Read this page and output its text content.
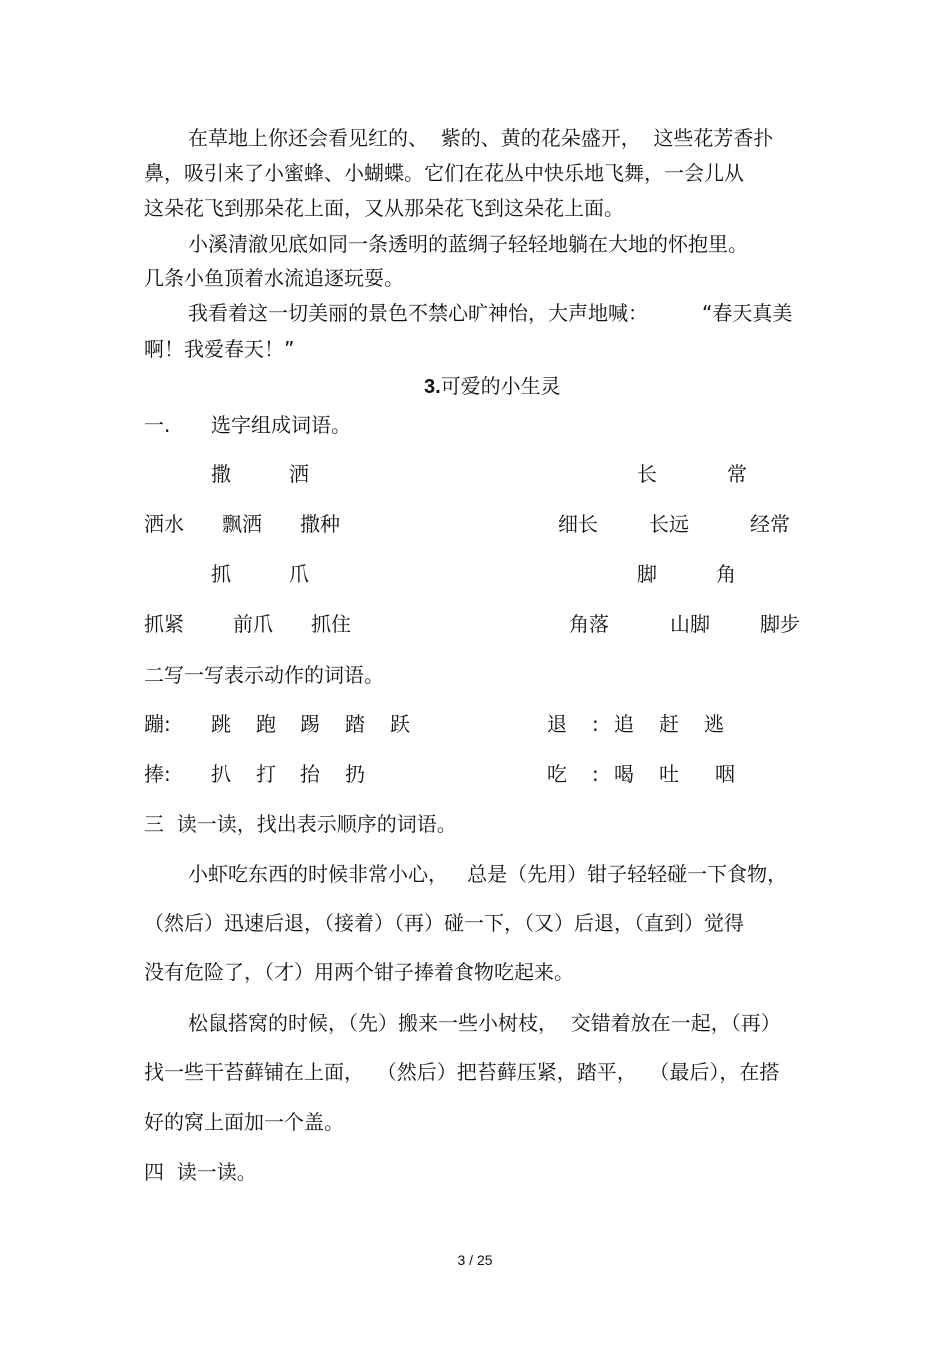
在草地上你还会看见红的、  紫的、黄的花朵盛开，  这些花芳香扑
鼻，吸引来了小蜜蜂、小蝴蝶。它们在花丛中快乐地飞舞，一会儿从
这朵花飞到那朵花上面，又从那朵花飞到这朵花上面。
小溪清澈见底如同一条透明的蓝绸子轻轻地躺在大地的怀抱里。
几条小鱼顶着水流追逐玩耍。
我看着这一切美丽的景色不禁心旷神怡，大声地喊：	“春天真美
啊！我爱春天！”
3.可爱的小生灵
一. 选字组成词语。
撒	洒	长	常
洒水 飘洒 撒种	细长	长远	经常
抓	爪	脚	角
抓紧 前爪 抓住	角落	山脚	脚步
二写一写表示动作的词语。
蹦: 跳 跑 踢 踏 跃	退 : 追 赶 逃
捧: 扒 打 抬 扔	吃 : 喝 吐 咽
三  读一读，找出表示顺序的词语。
小虾吃东西的时候非常小心，   总是（先用）钳子轻轻碰一下食物，
（然后）迅速后退，（接着）（再）碰一下，（又）后退，（直到）觉得
没有危险了，（才）用两个钳子捧着食物吃起来。
松鼠搭窝的时候，（先）搬来一些小树枝，  交错着放在一起，（再）
找一些干苔藓铺在上面，  （然后）把苔藓压紧，踏平，  （最后），在搭
好的窝上面加一个盖。
四  读一读。
3 / 25
